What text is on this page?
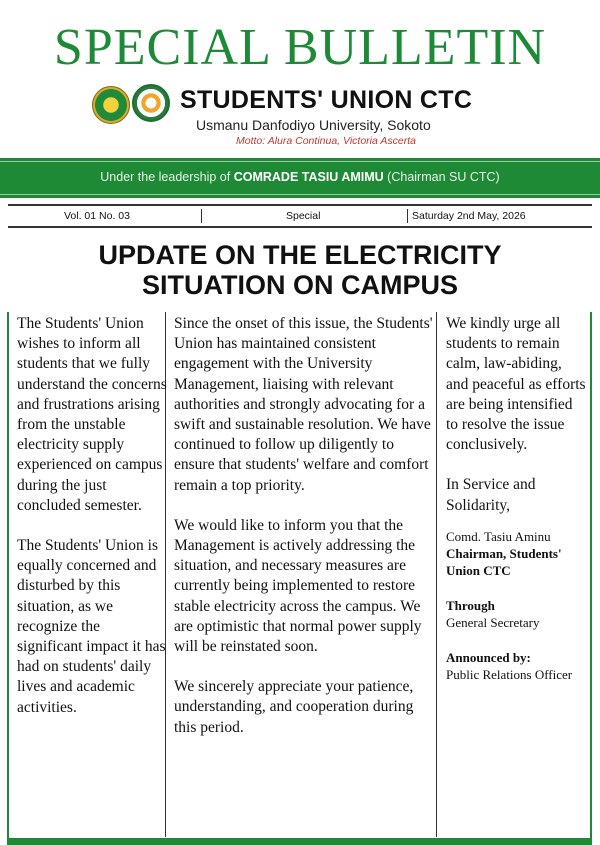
SPECIAL BULLETIN
STUDENTS' UNION CTC
Usmanu Danfodiyo University, Sokoto
Motto: Alura Continua, Victoria Ascerta
Under the leadership of COMRADE TASIU AMIMU (Chairman SU CTC)
Vol. 01 No. 03	Special	Saturday 2nd May, 2026
UPDATE ON THE ELECTRICITY
SITUATION ON CAMPUS

The Students' Union wishes to inform all students that we fully understand the concerns and frustrations arising from the unstable electricity supply experienced on campus during the just concluded semester.

The Students' Union is equally concerned and disturbed by this situation, as we recognize the significant impact it has had on students' daily lives and academic activities.

Since the onset of this issue, the Students' Union has maintained consistent engagement with the University Management, liaising with relevant authorities and strongly advocating for a swift and sustainable resolution. We have continued to follow up diligently to ensure that students' welfare and comfort remain a top priority.

We would like to inform you that the Management is actively addressing the situation, and necessary measures are currently being implemented to restore stable electricity across the campus. We are optimistic that normal power supply will be reinstated soon.

We sincerely appreciate your patience, understanding, and cooperation during this period.

We kindly urge all students to remain calm, law-abiding, and peaceful as efforts are being intensified to resolve the issue conclusively.

In Service and Solidarity,

Comd. Tasiu Aminu
Chairman, Students' Union CTC
Through
General Secretary
Announced by:
Public Relations Officer
